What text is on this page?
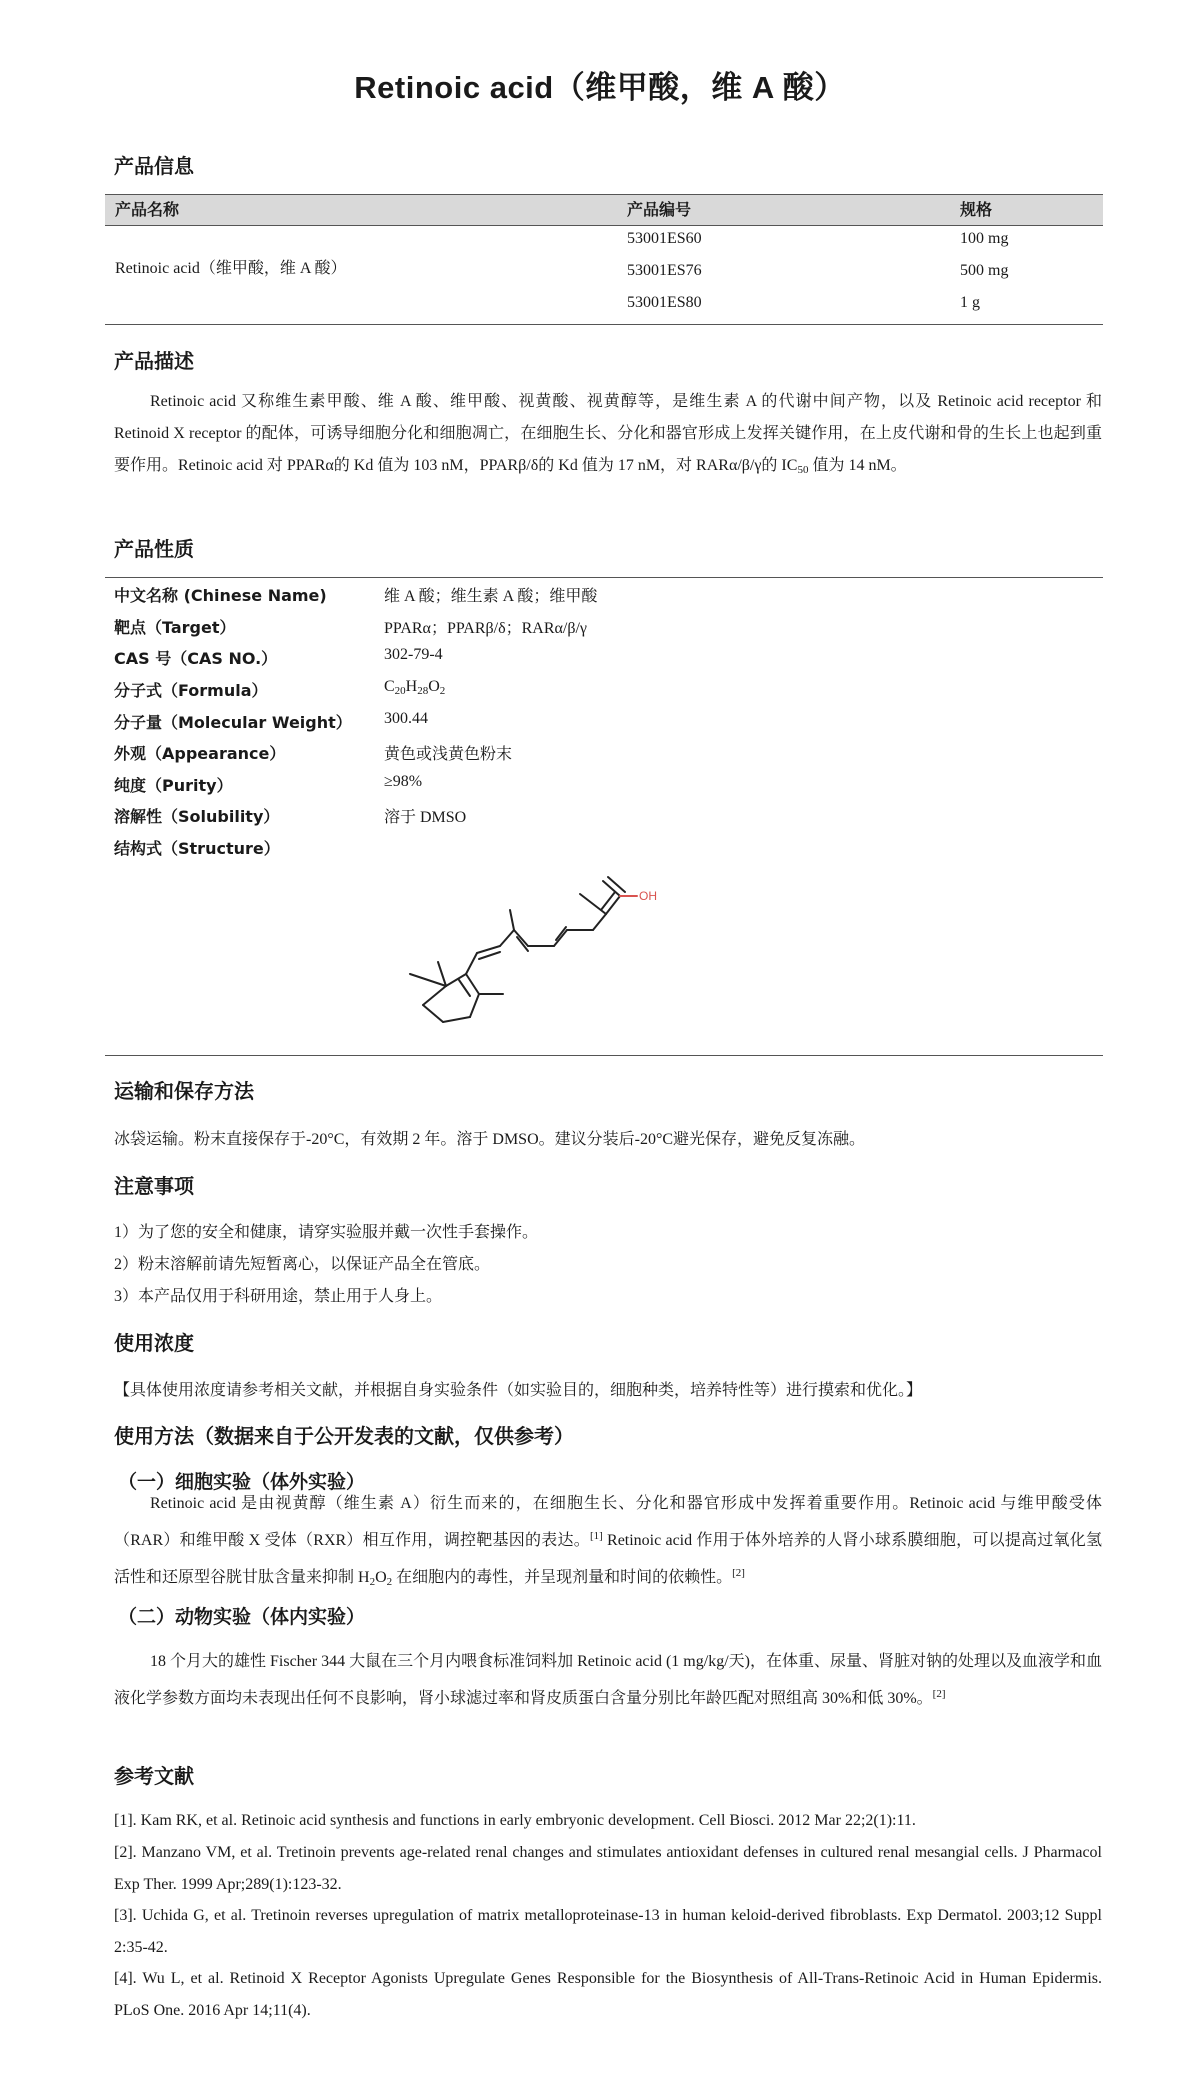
Retinoic acid（维甲酸，维 A 酸）
产品信息
产品名称	产品编号	规格
Retinoic acid（维甲酸，维 A 酸）
53001ES60	100 mg
53001ES76	500 mg
53001ES80	1 g
产品描述
Retinoic acid 又称维生素甲酸、维 A 酸、维甲酸、视黄酸、视黄醇等，是维生素 A 的代谢中间产物，以及 Retinoic acid receptor 和 Retinoid X receptor 的配体，可诱导细胞分化和细胞凋亡，在细胞生长、分化和器官形成上发挥关键作用，在上皮代谢和骨的生长上也起到重要作用。Retinoic acid 对 PPARα的 Kd 值为 103 nM，PPARβ/δ的 Kd 值为 17 nM，对 RARα/β/γ的 $IC_{50}$ 值为 14 nM。
产品性质
中文名称 (Chinese Name)	维 A 酸；维生素 A 酸；维甲酸
靶点（Target）	PPARα；PPARβ/δ；RARα/β/γ
CAS 号（CAS NO.）	302-79-4
分子式（Formula）	$C_{20}H_{28}O_2$
分子量（Molecular Weight） 300.44
外观（Appearance）	黄色或浅黄色粉末
纯度（Purity）	≥98%
溶解性（Solubility）	溶于 DMSO
结构式（Structure）
OH
运输和保存方法
冰袋运输。粉末直接保存于-20°C，有效期 2 年。溶于 DMSO。建议分装后-20°C避光保存，避免反复冻融。
注意事项
1）为了您的安全和健康，请穿实验服并戴一次性手套操作。
2）粉末溶解前请先短暂离心，以保证产品全在管底。
3）本产品仅用于科研用途，禁止用于人身上。
使用浓度
【具体使用浓度请参考相关文献，并根据自身实验条件（如实验目的，细胞种类，培养特性等）进行摸索和优化。】
使用方法（数据来自于公开发表的文献，仅供参考）
（一）细胞实验（体外实验）
Retinoic acid 是由视黄醇（维生素 A）衍生而来的，在细胞生长、分化和器官形成中发挥着重要作用。Retinoic acid 与维甲酸受体（RAR）和维甲酸 X 受体（RXR）相互作用，调控靶基因的表达。[1] Retinoic acid 作用于体外培养的人肾小球系膜细胞，可以提高过氧化氢活性和还原型谷胱甘肽含量来抑制 $H_2O_2$ 在细胞内的毒性，并呈现剂量和时间的依赖性。[2]
（二）动物实验（体内实验）
18 个月大的雄性 Fischer 344 大鼠在三个月内喂食标准饲料加 Retinoic acid (1 mg/kg/天)，在体重、尿量、肾脏对钠的处理以及血液学和血液化学参数方面均未表现出任何不良影响，肾小球滤过率和肾皮质蛋白含量分别比年龄匹配对照组高 30%和低 30%。[2]
参考文献
[1]. Kam RK, et al. Retinoic acid synthesis and functions in early embryonic development. Cell Biosci. 2012 Mar 22;2(1):11.
[2]. Manzano VM, et al. Tretinoin prevents age-related renal changes and stimulates antioxidant defenses in cultured renal mesangial cells. J Pharmacol Exp Ther. 1999 Apr;289(1):123-32.
[3]. Uchida G, et al. Tretinoin reverses upregulation of matrix metalloproteinase-13 in human keloid-derived fibroblasts. Exp Dermatol. 2003;12 Suppl 2:35-42.
[4]. Wu L, et al. Retinoid X Receptor Agonists Upregulate Genes Responsible for the Biosynthesis of All-Trans-Retinoic Acid in Human Epidermis. PLoS One. 2016 Apr 14;11(4).
